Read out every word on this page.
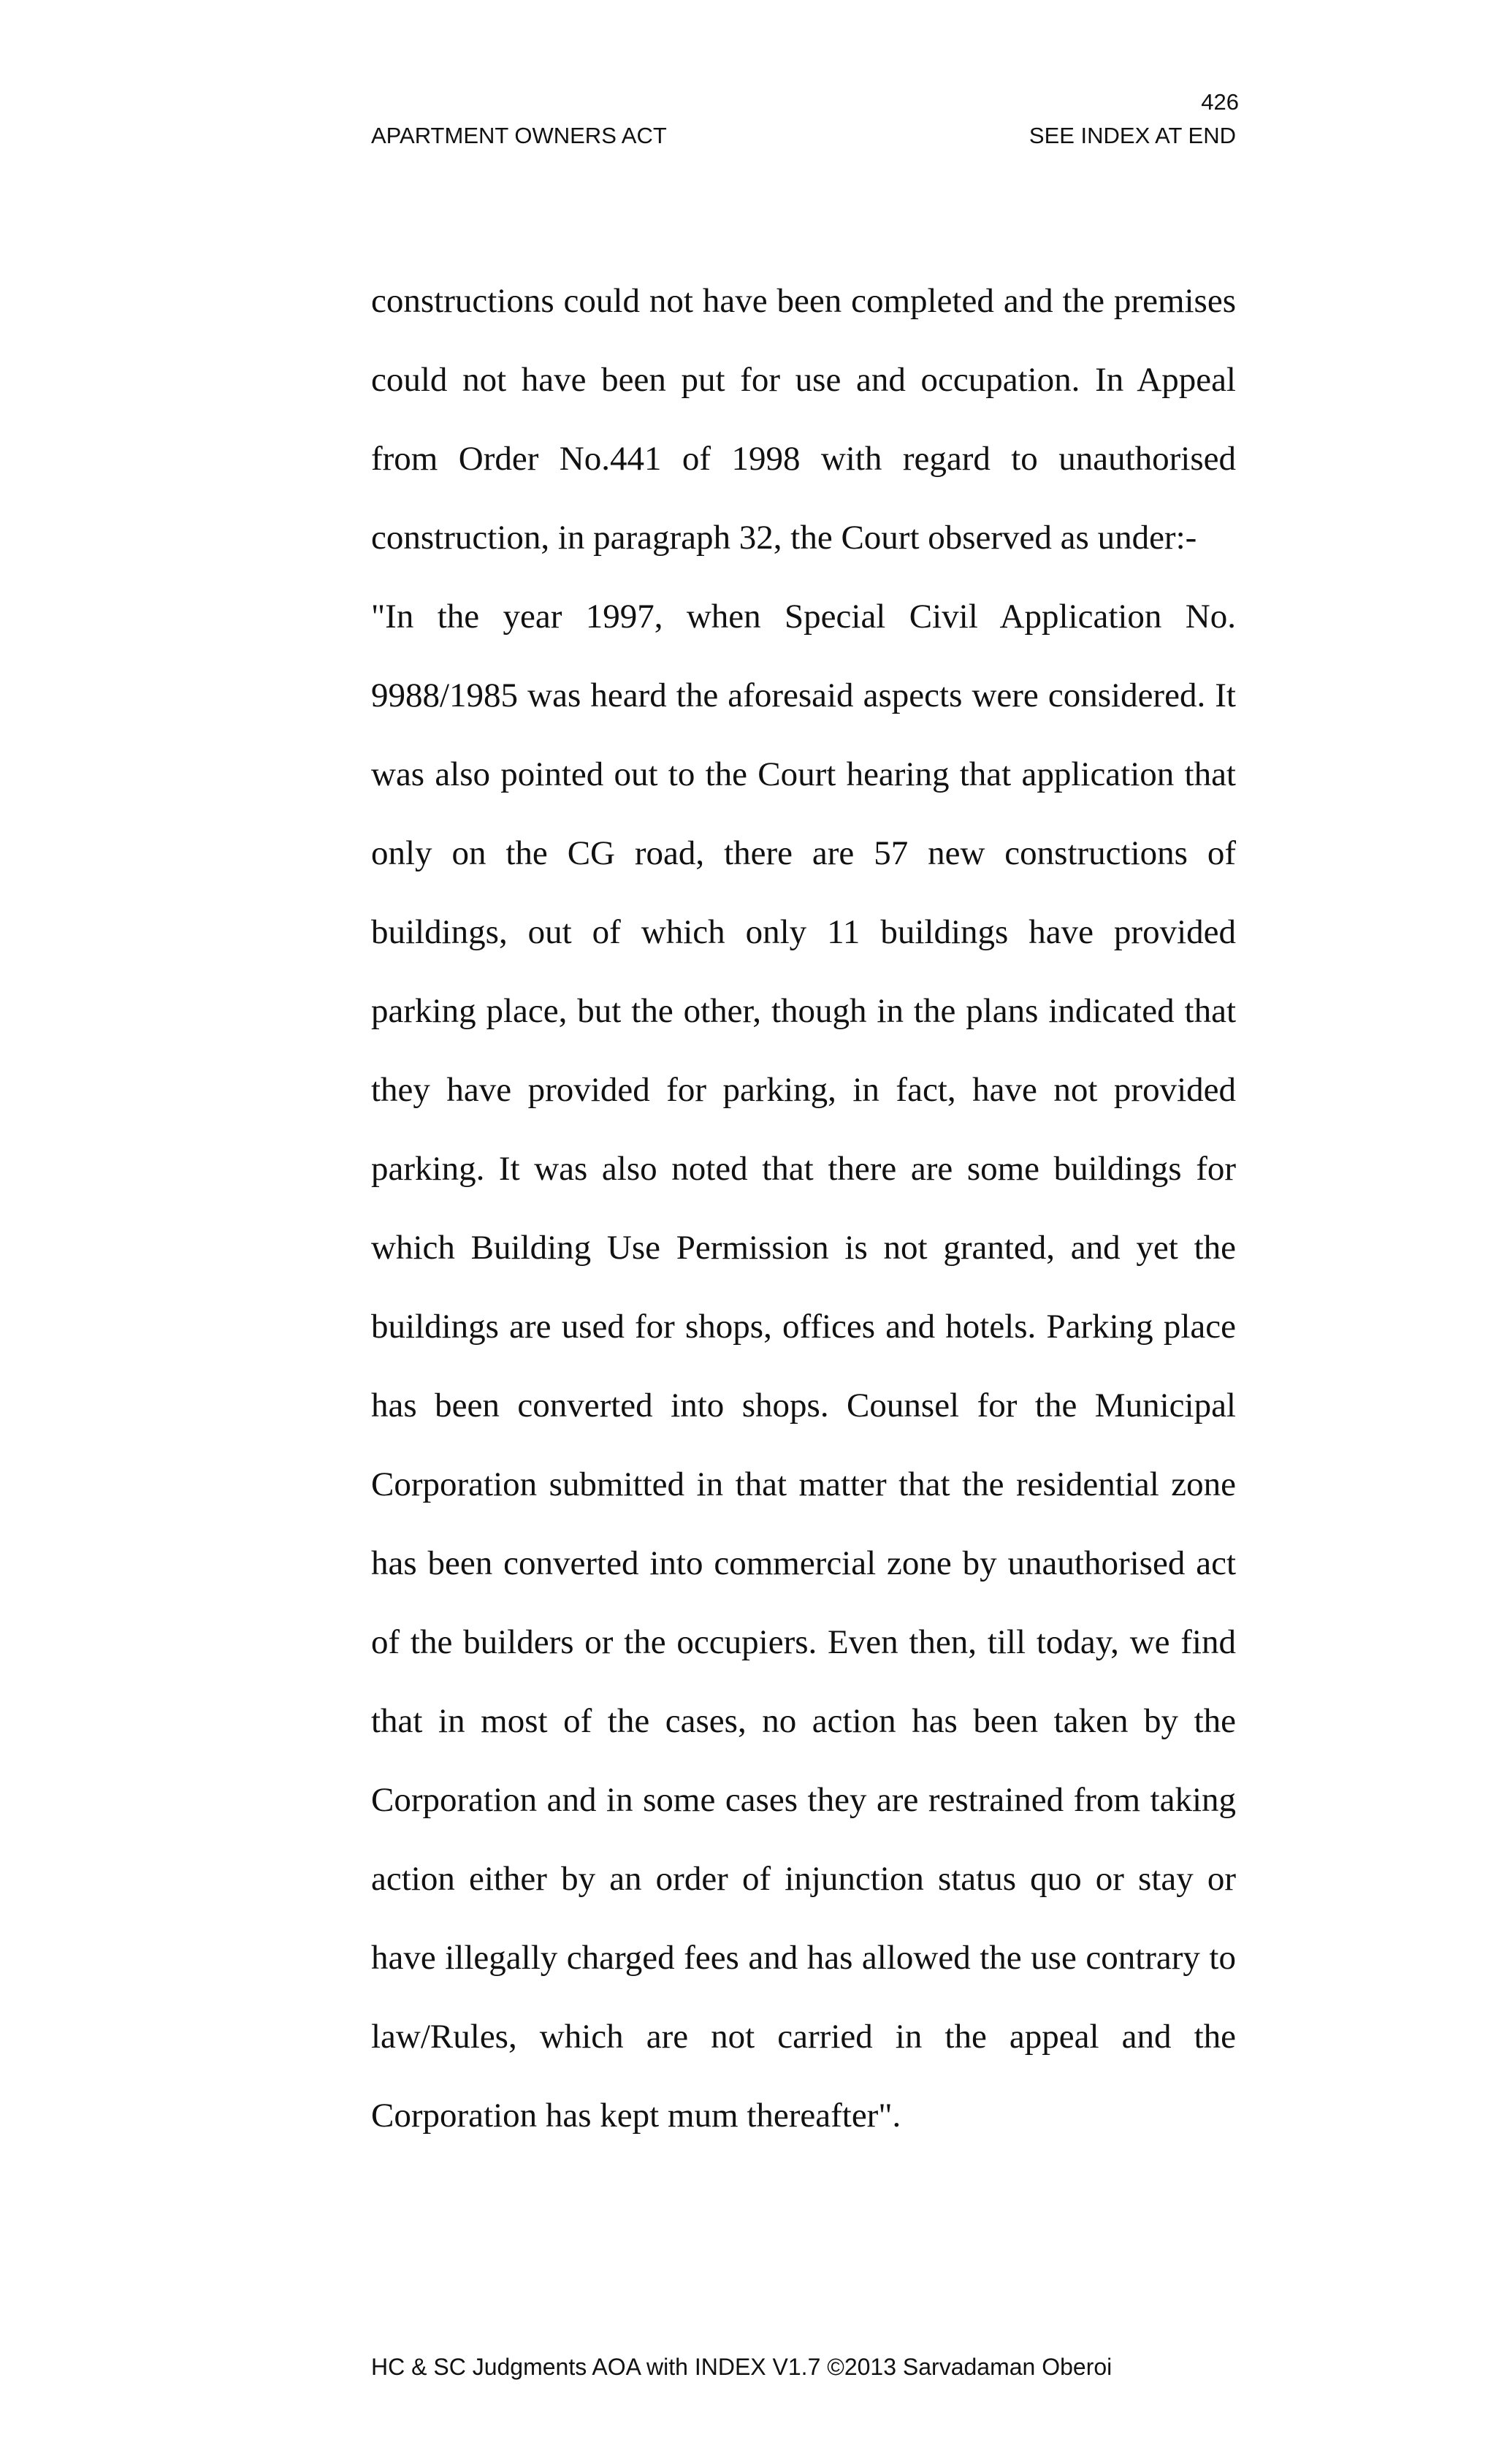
426
APARTMENT OWNERS ACT	SEE INDEX AT END
constructions could not have been completed and the premises
could not have been put for use and occupation. In Appeal
from Order No.441 of 1998 with regard to unauthorised
construction, in paragraph 32, the Court observed as under:-
"In the year 1997, when Special Civil Application No.
9988/1985 was heard the aforesaid aspects were considered. It
was also pointed out to the Court hearing that application that
only on the CG road, there are 57 new constructions of
buildings, out of which only 11 buildings have provided
parking place, but the other, though in the plans indicated that
they have provided for parking, in fact, have not provided
parking. It was also noted that there are some buildings for
which Building Use Permission is not granted, and yet the
buildings are used for shops, offices and hotels. Parking place
has been converted into shops. Counsel for the Municipal
Corporation submitted in that matter that the residential zone
has been converted into commercial zone by unauthorised act
of the builders or the occupiers. Even then, till today, we find
that in most of the cases, no action has been taken by the
Corporation and in some cases they are restrained from taking
action either by an order of injunction status quo or stay or
have illegally charged fees and has allowed the use contrary to
law/Rules, which are not carried in the appeal and the
Corporation has kept mum thereafter".
HC & SC Judgments AOA with INDEX V1.7 ©2013 Sarvadaman Oberoi
